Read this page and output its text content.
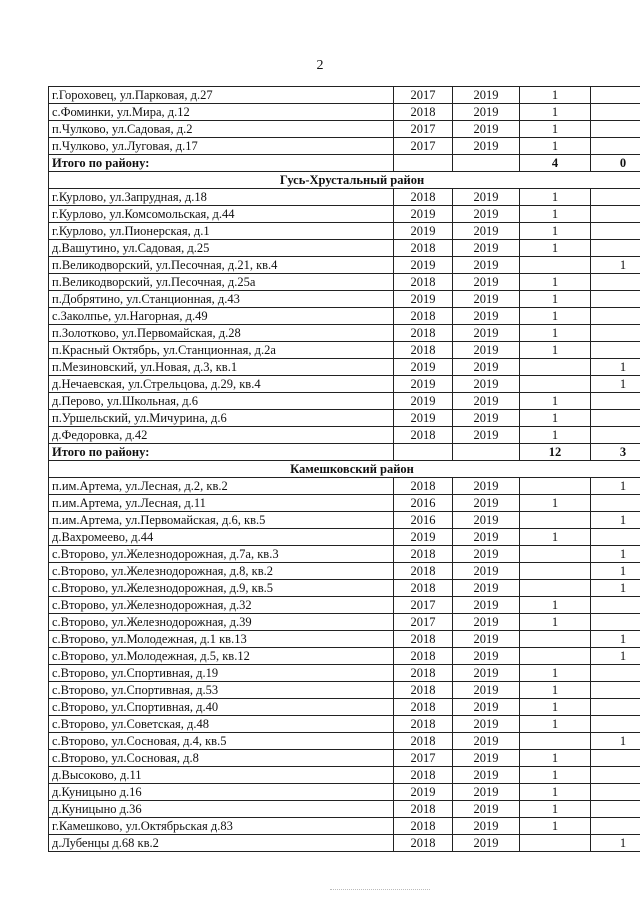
2
г.Гороховец, ул.Парковая, д.27	2017	2019	1	
с.Фоминки, ул.Мира, д.12	2018	2019	1	
п.Чулково, ул.Садовая, д.2	2017	2019	1	
п.Чулково, ул.Луговая, д.17	2017	2019	1	
Итого по району:			4	0
Гусь-Хрустальный район				
г.Курлово, ул.Запрудная, д.18	2018	2019	1	
г.Курлово, ул.Комсомольская, д.44	2019	2019	1	
г.Курлово, ул.Пионерская, д.1	2019	2019	1	
д.Вашутино, ул.Садовая, д.25	2018	2019	1	
п.Великодворский, ул.Песочная, д.21, кв.4	2019	2019		1
п.Великодворский, ул.Песочная, д.25а	2018	2019	1	
п.Добрятино, ул.Станционная, д.43	2019	2019	1	
с.Заколпье, ул.Нагорная, д.49	2018	2019	1	
п.Золотково, ул.Первомайская, д.28	2018	2019	1	
п.Красный Октябрь, ул.Станционная, д.2а	2018	2019	1	
п.Мезиновский, ул.Новая, д.3, кв.1	2019	2019		1
д.Нечаевская, ул.Стрельцова, д.29, кв.4	2019	2019		1
д.Перово, ул.Школьная, д.6	2019	2019	1	
п.Уршельский, ул.Мичурина, д.6	2019	2019	1	
д.Федоровка, д.42	2018	2019	1	
Итого по району:			12	3
Камешковский район				
п.им.Артема, ул.Лесная, д.2, кв.2	2018	2019		1
п.им.Артема, ул.Лесная, д.11	2016	2019	1	
п.им.Артема, ул.Первомайская, д.6, кв.5	2016	2019		1
д.Вахромеево, д.44	2019	2019	1	
с.Второво, ул.Железнодорожная, д.7а, кв.3	2018	2019		1
с.Второво, ул.Железнодорожная, д.8, кв.2	2018	2019		1
с.Второво, ул.Железнодорожная, д.9, кв.5	2018	2019		1
с.Второво, ул.Железнодорожная, д.32	2017	2019	1	
с.Второво, ул.Железнодорожная, д.39	2017	2019	1	
с.Второво, ул.Молодежная, д.1 кв.13	2018	2019		1
с.Второво, ул.Молодежная, д.5, кв.12	2018	2019		1
с.Второво, ул.Спортивная, д.19	2018	2019	1	
с.Второво, ул.Спортивная, д.53	2018	2019	1	
с.Второво, ул.Спортивная, д.40	2018	2019	1	
с.Второво, ул.Советская, д.48	2018	2019	1	
с.Второво, ул.Сосновая, д.4, кв.5	2018	2019		1
с.Второво, ул.Сосновая, д.8	2017	2019	1	
д.Высоково, д.11	2018	2019	1	
д.Куницыно д.16	2019	2019	1	
д.Куницыно д.36	2018	2019	1	
г.Камешково, ул.Октябрьская д.83	2018	2019	1	
д.Лубенцы д.68 кв.2	2018	2019		1
